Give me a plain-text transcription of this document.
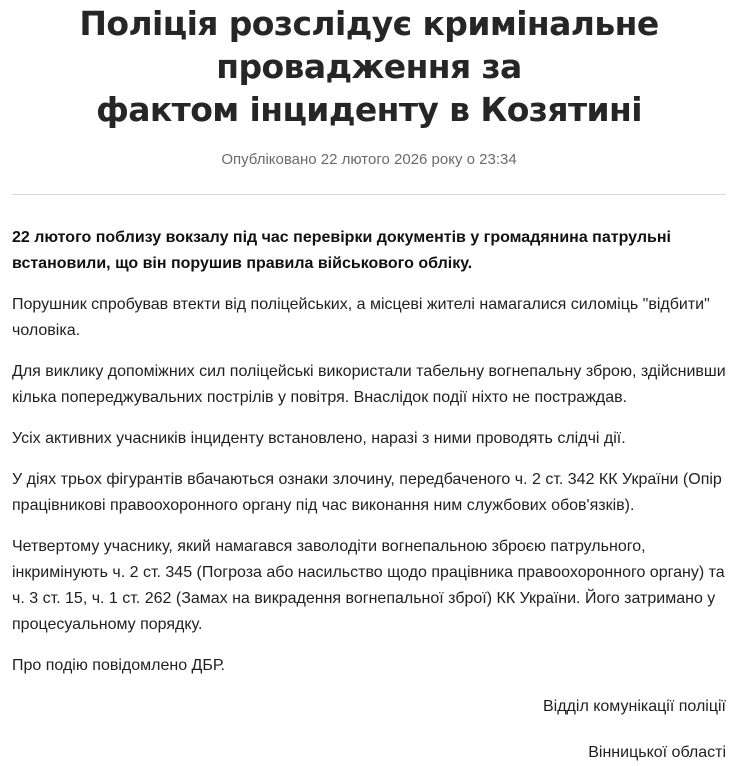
Поліція розслідує кримінальне провадження за
фактом інциденту в Козятині
Опубліковано 22 лютого 2026 року о 23:34

22 лютого поблизу вокзалу під час перевірки документів у громадянина патрульні встановили, що він порушив правила військового обліку.

Порушник спробував втекти від поліцейських, а місцеві жителі намагалися силоміць "відбити" чоловіка.

Для виклику допоміжних сил поліцейські використали табельну вогнепальну зброю, здійснивши кілька попереджувальних пострілів у повітря. Внаслідок події ніхто не постраждав.

Усіх активних учасників інциденту встановлено, наразі з ними проводять слідчі дії.

У діях трьох фігурантів вбачаються ознаки злочину, передбаченого ч. 2 ст. 342 КК України (Опір працівникові правоохоронного органу під час виконання ним службових обов'язків).

Четвертому учаснику, який намагався заволодіти вогнепальною зброєю патрульного, інкримінують ч. 2 ст. 345 (Погроза або насильство щодо працівника правоохоронного органу) та ч. 3 ст. 15, ч. 1 ст. 262 (Замах на викрадення вогнепальної зброї) КК України. Його затримано у процесуальному порядку.

Про подію повідомлено ДБР.

Відділ комунікації поліції

Вінницької області
